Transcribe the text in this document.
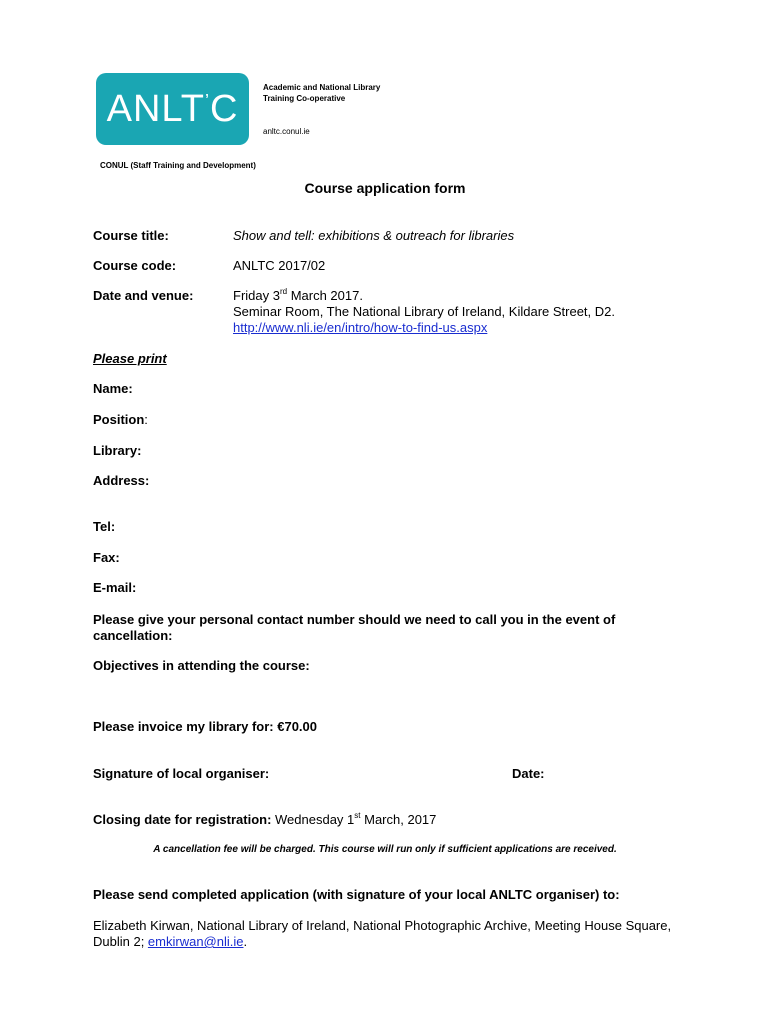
ANLT’C	Academic and National Library
Training Co-operative
anltc.conul.ie
CONUL (Staff Training and Development)
Course application form
Course title:	Show and tell: exhibitions & outreach for libraries
Course code:	ANLTC 2017/02
Date and venue:	Friday 3rd March 2017.
Seminar Room, The National Library of Ireland, Kildare Street, D2.
http://www.nli.ie/en/intro/how-to-find-us.aspx
Please print
Name:
Position:
Library:
Address:
Tel:
Fax:
E-mail:
Please give your personal contact number should we need to call you in the event of cancellation:
Objectives in attending the course:
Please invoice my library for: €70.00
Signature of local organiser:	Date:
Closing date for registration: Wednesday 1st March, 2017
A cancellation fee will be charged. This course will run only if sufficient applications are received.
Please send completed application (with signature of your local ANLTC organiser) to:
Elizabeth Kirwan, National Library of Ireland, National Photographic Archive, Meeting House Square, Dublin 2; emkirwan@nli.ie.
